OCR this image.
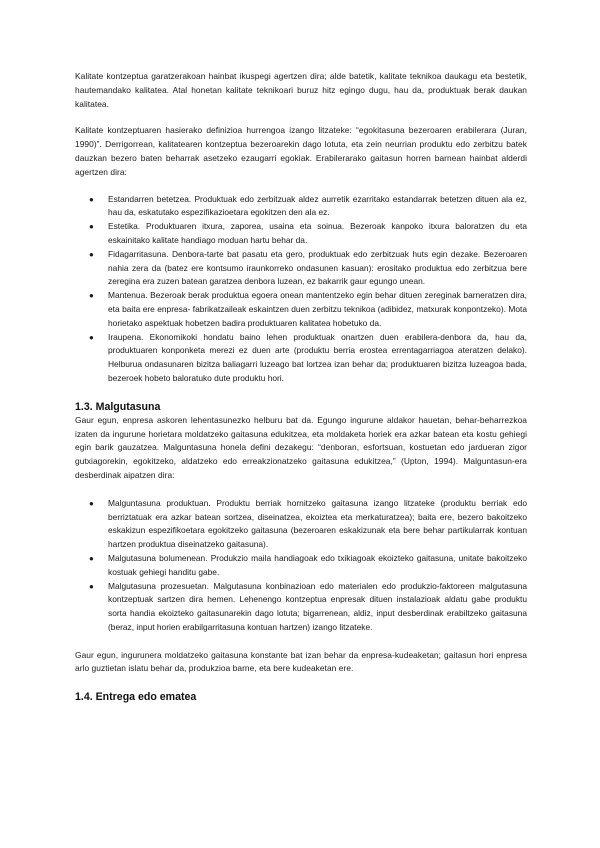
Kalitate kontzeptua garatzerakoan hainbat ikuspegi agertzen dira; alde batetik, kalitate teknikoa daukagu eta bestetik, hautemandako kalitatea. Atal honetan kalitate teknikoari buruz hitz egingo dugu, hau da, produktuak berak daukan kalitatea.

Kalitate kontzeptuaren hasierako definizioa hurrengoa izango litzateke: “egokitasuna bezeroaren erabilerara (Juran, 1990)”. Derrigorrean, kalitatearen kontzeptua bezeroarekin dago lotuta, eta zein neurrian produktu edo zerbitzu batek dauzkan bezero baten beharrak asetzeko ezaugarri egokiak. Erabilerarako gaitasun horren barnean hainbat alderdi agertzen dira:

● Estandarren betetzea. Produktuak edo zerbitzuak aldez aurretik ezarritako estandarrak betetzen dituen ala ez, hau da, eskatutako espezifikazioetara egokitzen den ala ez.
● Estetika. Produktuaren itxura, zaporea, usaina eta soinua. Bezeroak kanpoko itxura baloratzen du eta eskainitako kalitate handiago moduan hartu behar da.
● Fidagarritasuna. Denbora-tarte bat pasatu eta gero, produktuak edo zerbitzuak huts egin dezake. Bezeroaren nahia zera da (batez ere kontsumo iraunkorreko ondasunen kasuan): erositako produktua edo zerbitzua bere zeregina era zuzen batean garatzea denbora luzean, ez bakarrik gaur egungo unean.
● Mantenua. Bezeroak berak produktua egoera onean mantentzeko egin behar dituen zereginak barneratzen dira, eta baita ere enpresa- fabrikatzaileak eskaintzen duen zerbitzu teknikoa (adibidez, matxurak konpontzeko). Mota horietako aspektuak hobetzen badira produktuaren kalitatea hobetuko da.
● Iraupena. Ekonomikoki hondatu baino lehen produktuak onartzen duen erabilera-denbora da, hau da, produktuaren konponketa merezi ez duen arte (produktu berria erostea errentagarriagoa ateratzen delako). Helburua ondasunaren bizitza baliagarri luzeago bat lortzea izan behar da; produktuaren bizitza luzeagoa bada, bezeroek hobeto baloratuko dute produktu hori.
1.3. Malgutasuna

Gaur egun, enpresa askoren lehentasunezko helburu bat da. Egungo ingurune aldakor hauetan, behar-beharrezkoa izaten da ingurune horietara moldatzeko gaitasuna edukitzea, eta moldaketa horiek era azkar batean eta kostu gehiegi egin barik gauzatzea. Malguntasuna honela defini dezakegu: “denboran, esfortsuan, kostuetan edo jardueran zigor gutxiagorekin, egokitzeko, aldatzeko edo erreakzionatzeko gaitasuna edukitzea,” (Upton, 1994). Malguntasun-era desberdinak aipatzen dira:

● Malguntasuna produktuan. Produktu berriak hornitzeko gaitasuna izango litzateke (produktu berriak edo berriztatuak era azkar batean sortzea, diseinatzea, ekoiztea eta merkaturatzea); baita ere, bezero bakoitzeko eskakizun espezifikoetara egokitzeko gaitasuna (bezeroaren eskakizunak eta bere behar partikularrak kontuan hartzen produktua diseinatzeko gaitasuna).
● Malgutasuna bolumenean. Produkzio maila handiagoak edo txikiagoak ekoizteko gaitasuna, unitate bakoitzeko kostuak gehiegi handitu gabe.
● Malgutasuna prozesuetan. Malgutasuna konbinazioan edo materialen edo produkzio-faktoreen malgutasuna kontzeptuak sartzen dira hemen. Lehenengo kontzeptua enpresak dituen instalazioak aldatu gabe produktu sorta handia ekoizteko gaitasunarekin dago lotuta; bigarrenean, aldiz, input desberdinak erabiltzeko gaitasuna (beraz, input horien erabilgarritasuna kontuan hartzen) izango litzateke.

Gaur egun, ingurunera moldatzeko gaitasuna konstante bat izan behar da enpresa-kudeaketan; gaitasun hori enpresa arlo guztietan islatu behar da, produkzioa barne, eta bere kudeaketan ere.

1.4. Entrega edo ematea
